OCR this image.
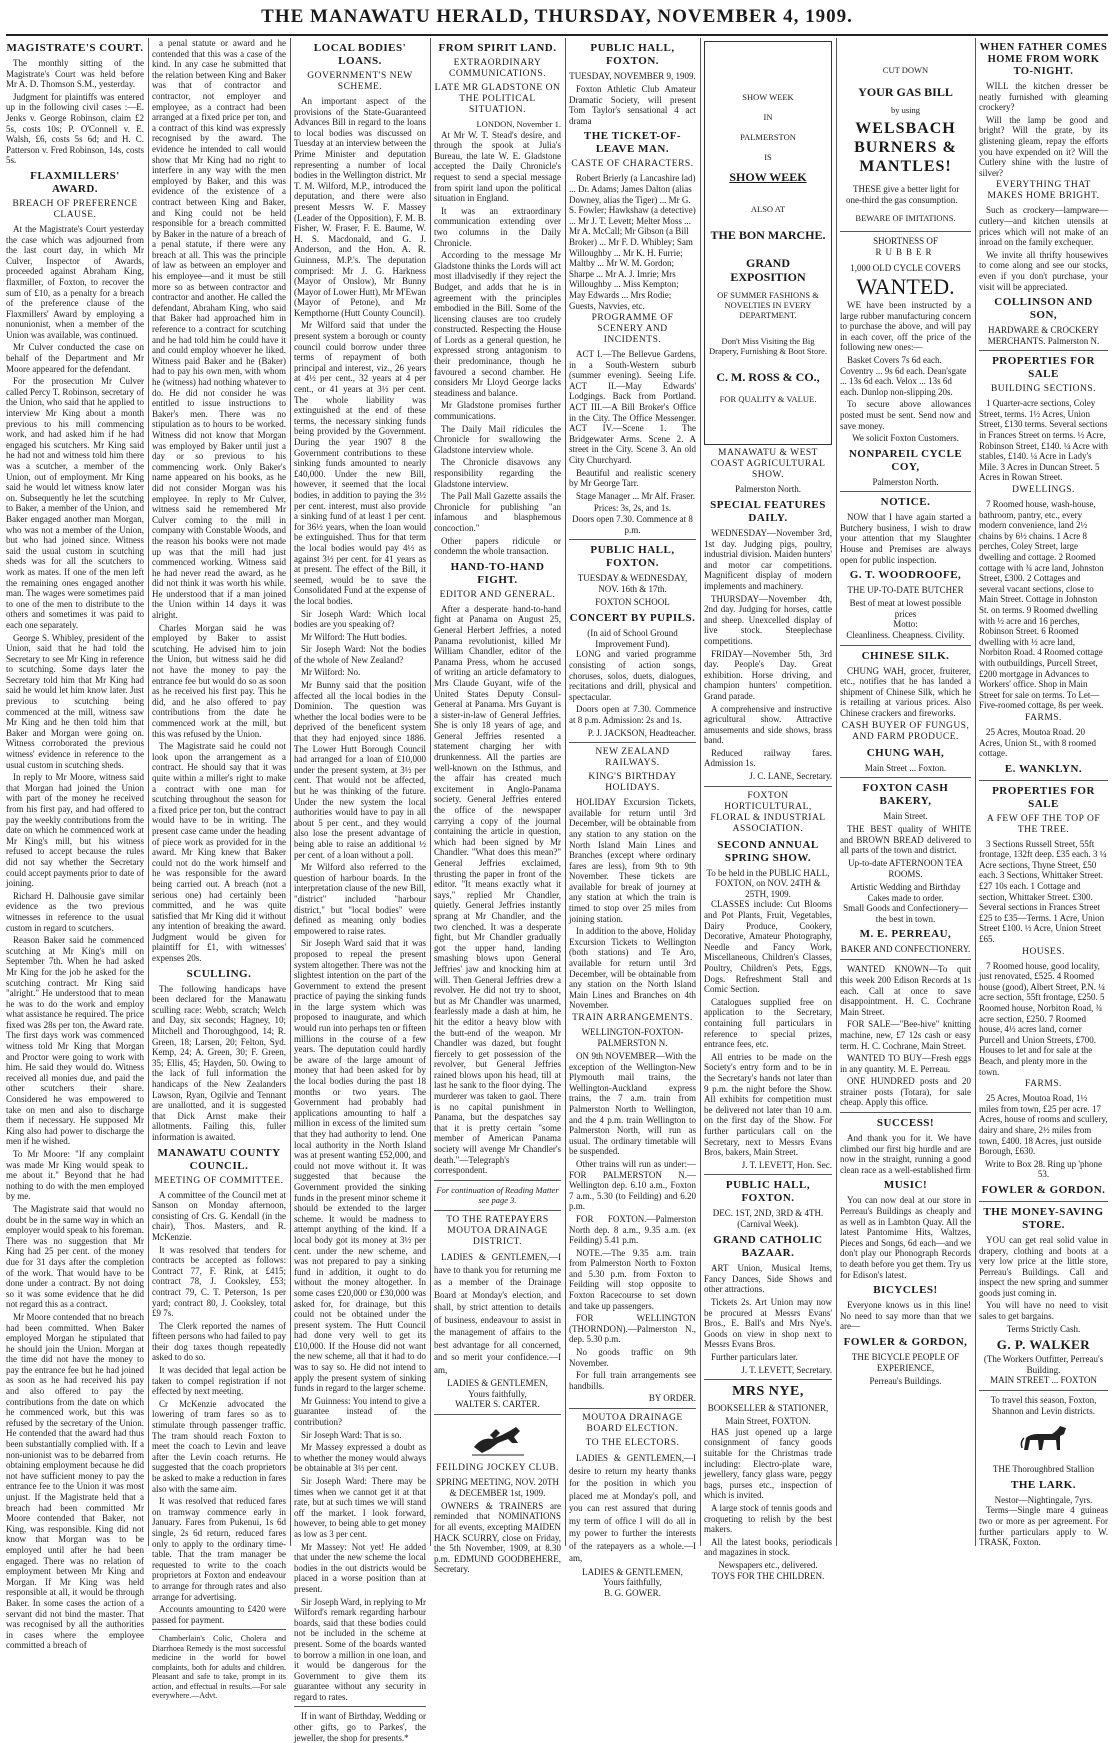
THE MANAWATU HERALD, THURSDAY, NOVEMBER 4, 1909.
MAGISTRATE'S COURT.

The monthly sitting of the Magistrate's Court was held before Mr A. D. Thomson S.M., yesterday.

Judgment for plaintiffs was entered up in the following civil cases :—E. Jenks v. George Robinson, claim £2 5s, costs 10s; P. O'Connell v. E. Walsh, £6, costs 5s 6d; and H. C. Patterson v. Fred Robinson, 14s, costs 5s.

FLAXMILLERS' AWARD.
BREACH OF PREFERENCE CLAUSE.

At the Magistrate's Court yesterday the case which was adjourned from the last court day, in which Mr Culver, Inspector of Awards, proceeded against Abraham King, flaxmiller, of Foxton, to recover the sum of £10, as a penalty for a breach of the preference clause of the Flaxmillers' Award by employing a nonunionist, when a member of the Union was available, was continued.

Mr Culver conducted the case on behalf of the Department and Mr Moore appeared for the defendant.

For the prosecution Mr Culver called Percy T. Robinson, secretary of the Union, who said that he applied to interview Mr King about a month previous to his mill commencing work, and had asked him if he had engaged his scutchers. Mr King said he had not and witness told him there was a scutcher, a member of the Union, out of employment. Mr King said he would let witness know later on. Subsequently he let the scutching to Baker, a member of the Union, and Baker engaged another man Morgan, who was not a member of the Union, but who had joined since. Witness said the usual custom in scutching sheds was for all the scutchers to work as mates. If one of the men left the remaining ones engaged another man. The wages were sometimes paid to one of the men to distribute to the others and sometimes it was paid to each one separately.

George S. Whibley, president of the Union, said that he had told the Secretary to see Mr King in reference to scutching. Some days later the Secretary told him that Mr King had said he would let him know later. Just previous to scutching being commenced at the mill, witness saw Mr King and he then told him that Baker and Morgan were going on. Witness corroborated the previous witness' evidence in reference to the usual custom in scutching sheds.

In reply to Mr Moore, witness said that Morgan had joined the Union with part of the money he received from his first pay, and had offered to pay the weekly contributions from the date on which he commenced work at Mr King's mill, but his witness refused to accept because the rules did not say whether the Secretary could accept payments prior to date of joining.

Richard H. Dalhousie gave similar evidence as the two previous witnesses in reference to the usual custom in regard to scutchers.

Reason Baker said he commenced scutching at Mr King's mill on September 7th. When he had asked Mr King for the job he asked for the scutching contract. Mr King said "alright." He understood that to mean he was to do the work and employ what assistance he required. The price fixed was 28s per ton, the Award rate. The first days work was commenced witness told Mr King that Morgan and Proctor were going to work with him. He said they would do. Witness received all monies due, and paid the other scutchers their share. Considered he was empowered to take on men and also to discharge them if necessary. He supposed Mr King also had power to discharge the men if he wished.

To Mr Moore: "If any complaint was made Mr King would speak to me about it." Beyond that he had nothing to do with the men employed by me.

The Magistrate said that would no doubt be in the same way in which an employer would speak to his foreman. There was no suggestion that Mr King had 25 per cent. of the money due for 31 days after the completion of the work. That would have to be done under a contract. By not doing so it was some evidence that he did not regard this as a contract.

Mr Moore contended that no breach had been committed. When Baker employed Morgan he stipulated that he should join the Union. Morgan at the time did not have the money to pay the entrance fee but he had joined as soon as he had received his pay and also offered to pay the contributions from the date on which he commenced work, but this was refused by the secretary of the Union. He contended that the award had thus been substantially complied with. If a non-unionist was to be debarred from obtaining employment because he did not have sufficient money to pay the entrance fee to the Union it was most unjust. If the Magistrate held that a breach had been committed Mr Moore contended that Baker, not King, was responsible. King did not know that Morgan was to be employed until after he had been engaged. There was no relation of employment between Mr King and Morgan. If Mr King was held responsible at all, it would be through Baker. In some cases the action of a servant did not bind the master. That was recognised by all the authorities in cases where the employee committed a breach of

a penal statute or award and he contended that this was a case of the kind. In any case he submitted that the relation between King and Baker was that of contractor and contractor, not employer and employee, as a contract had been arranged at a fixed price per ton, and a contract of this kind was expressly recognised by the award. The evidence he intended to call would show that Mr King had no right to interfere in any way with the men employed by Baker, and this was evidence of the existence of a contract between King and Baker, and King could not be held responsible for a breach committed by Baker in the nature of a breach of a penal statute, if there were any breach at all. This was the principle of law as between an employer and his employee—and it must be still more so as between contractor and contractor and another. He called the defendant, Abraham King, who said that Baker had approached him in reference to a contract for scutching and he had told him he could have it and could employ whoever he liked. Witness paid Baker and he (Baker) had to pay his own men, with whom he (witness) had nothing whatever to do. He did not consider he was entitled to issue instructions to Baker's men. There was no stipulation as to hours to be worked. Witness did not know that Morgan was employed by Baker until just a day or so previous to his commencing work. Only Baker's name appeared on his books, as he did not consider Morgan was his employee. In reply to Mr Culver, witness said he remembered Mr Culver coming to the mill in company with Constable Woods, and the reason his books were not made up was that the mill had just commenced working. Witness said he had never read the award, as he did not think it was worth his while. He understood that if a man joined the Union within 14 days it was alright.

Charles Morgan said he was employed by Baker to assist scutching. He advised him to join the Union, but witness said he did not have the money to pay the entrance fee but would do so as soon as he received his first pay. This he did, and he also offered to pay contributions from the date he commenced work at the mill, but this was refused by the Union.

The Magistrate said he could not look upon the arrangement as a contract. He should say that it was quite within a miller's right to make a contract with one man for scutching throughout the season for a fixed price per ton, but the contract would have to be in writing. The present case came under the heading of piece work as provided for in the award. Mr King knew that Baker could not do the work himself and he was responsible for the award being carried out. A breach (not a serious one) had certainly been committed, and he was quite satisfied that Mr King did it without any intention of breaking the award. Judgment would be given for plaintiff for £1, with witnesses' expenses 20s.

SCULLING.

The following handicaps have been declared for the Manawatu sculling race: Webb, scratch; Welch and Day, six seconds; Hagney, 10; Mitchell and Thoroughgood, 14; R. Green, 18; Larsen, 20; Felton, Syd. Kemp, 24; A. Green, 30; F. Green, 35; Ellis, 45; Hayden, 50. Owing to the lack of full information the handicaps of the New Zealanders Lawson, Ryan, Ogilvie and Tennant are unallotted, and it is suggested that Dick Arnst make their allotments. Failing this, fuller information is awaited.

MANAWATU COUNTY COUNCIL.
MEETING OF COMMITTEE.

A committee of the Council met at Sanson on Monday afternoon, consisting of Crs. G. Kendall (in the chair), Thos. Masters, and R. McKenzie.

It was resolved that tenders for contracts be accepted as follows: Contract 77, F. Rink, at £415; contract 78, J. Cooksley, £53; contract 79, C. T. Peterson, 1s per yard; contract 80, J. Cooksley, total £9 7s.

The Clerk reported the names of fifteen persons who had failed to pay their dog taxes though repeatedly asked to do so.

It was decided that legal action be taken to compel registration if not effected by next meeting.

Cr McKenzie advocated the lowering of tram fares so as to stimulate through passenger traffic. The tram should reach Foxton to meet the coach to Levin and leave after the Levin coach returns. He suggested that the coach proprietors be asked to make a reduction in fares also with the same aim.

It was resolved that reduced fares on tramway commence early in January. Fares from Pukenui, 1s 6d single, 2s 6d return, reduced fares only to apply to the ordinary time-table. That the tram manager be requested to write to the coach proprietors at Foxton and endeavour to arrange for through rates and also arrange for advertising.

Accounts amounting to £420 were passed for payment.

Chamberlain's Colic, Cholera and Diarrhoea Remedy is the most successful medicine in the world for bowel complaints, both for adults and children. Pleasant and safe to take, prompt in its action, and effectual in results.—For sale everywhere.—Advt.

LOCAL BODIES' LOANS.
GOVERNMENT'S NEW SCHEME.

An important aspect of the provisions of the State-Guaranteed Advances Bill in regard to the loans to local bodies was discussed on Tuesday at an interview between the Prime Minister and deputation representing a number of local bodies in the Wellington district. Mr T. M. Wilford, M.P., introduced the deputation, and there were also present Messrs W. F. Massey (Leader of the Opposition), F. M. B. Fisher, W. Fraser, F. E. Baume, W. H. S. Macdonald, and G. J. Anderson, and the Hon. A. R. Guinness, M.P.'s. The deputation comprised: Mr J. G. Harkness (Mayor of Onslow), Mr Bunny (Mayor of Lower Hutt), Mr M'Ewan (Mayor of Petone), and Mr Kempthorne (Hutt County Council).

Mr Wilford said that under the present system a borough or county council could borrow under three terms of repayment of both principal and interest, viz., 26 years at 4½ per cent., 32 years at 4 per cent., or 41 years at 3½ per cent. The whole liability was extinguished at the end of these terms, the necessary sinking funds being provided by the Government. During the year 1907 8 the Government contributions to these sinking funds amounted to nearly £40,000. Under the new Bill, however, it seemed that the local bodies, in addition to paying the 3½ per cent. interest, must also provide a sinking fund of at least 1 per cent. for 36½ years, when the loan would be extinguished. Thus for that term the local bodies would pay 4½ as against 3½ per cent. for 41 years as at present. The effect of the Bill, it seemed, would be to save the Consolidated Fund at the expense of the local bodies.

Sir Joseph Ward: Which local bodies are you speaking of?

Mr Wilford: The Hutt bodies.

Sir Joseph Ward: Not the bodies of the whole of New Zealand?

Mr Wilford: No.

Mr Bunny said that the position affected all the local bodies in the Dominion. The question was whether the local bodies were to be deprived of the beneficent system that they had enjoyed since 1886. The Lower Hutt Borough Council had arranged for a loan of £10,000 under the present system, at 3½ per cent. That would not be affected, but he was thinking of the future. Under the new system the local authorities would have to pay in all about 5 per cent., and they would also lose the present advantage of being able to raise an additional ½ per cent. of a loan without a poll.

Mr Wilford also referred to the question of harbour boards. In the interpretation clause of the new Bill, "district" included "harbour district," but "local bodies" were defined as meaning only bodies empowered to raise rates.

Sir Joseph Ward said that it was proposed to repeal the present system altogether. There was not the slightest intention on the part of the Government to extend the present practice of paying the sinking funds in the large system which was proposed to inaugurate, and which would run into perhaps ten or fifteen millions in the course of a few years. The deputation could hardly be aware of the large amount of money that had been asked for by the local bodies during the past 18 months or two years. The Government had probably had applications amounting to half a million in excess of the limited sum that they had authority to lend. One local authority in the North Island was at present wanting £52,000, and could not move without it. It was suggested that because the Government provided the sinking funds in the present minor scheme it should be extended to the larger scheme. It would be madness to attempt anything of the kind. If a local body got its money at 3½ per cent. under the new scheme, and was not prepared to pay a sinking fund in addition, it ought to do without the money altogether. In some cases £20,000 or £30,000 was asked for, for drainage, but this could not be obtained under the present system. The Hutt Council had done very well to get its £10,000. If the House did not want the new scheme, all that it had to do was to say so. He did not intend to apply the present system of sinking funds in regard to the larger scheme.

Mr Guinness: You intend to give a guarantee instead of the contribution?

Sir Joseph Ward: That is so.

Mr Massey expressed a doubt as to whether the money would always be obtainable at 3½ per cent.

Sir Joseph Ward: There may be times when we cannot get it at that rate, but at such times we will stand off the market. I look forward, however, to being able to get money as low as 3 per cent.

Mr Massey: Not yet! He added that under the new scheme the local bodies in the out districts would be placed in a worse position than at present.

Sir Joseph Ward, in replying to Mr Wilford's remark regarding harbour boards, said that these bodies could not be included in the scheme at present. Some of the boards wanted to borrow a million in one loan, and it would be dangerous for the Government to give them its guarantee without any security in regard to rates.

If in want of Birthday, Wedding or other gifts, go to Parkes', the jeweller, the shop for presents.*

FROM SPIRIT LAND.
EXTRAORDINARY COMMUNICATIONS.
LATE MR GLADSTONE ON THE POLITICAL SITUATION.
LONDON, November 1.

At Mr W. T. Stead's desire, and through the spook at Julia's Bureau, the late W. E. Gladstone accepted the Daily Chronicle's request to send a special message from spirit land upon the political situation in England.

It was an extraordinary communication extending over two columns in the Daily Chronicle.

According to the message Mr Gladstone thinks the Lords will act most illadvisedly if they reject the Budget, and adds that he is in agreement with the principles embodied in the Bill. Some of the licensing clauses are too crudely constructed. Respecting the House of Lords as a general question, he expressed strong antagonism to their predominance, though he favoured a second chamber. He considers Mr Lloyd George lacks steadiness and balance.

Mr Gladstone promises further communications.

The Daily Mail ridicules the Chronicle for swallowing the Gladstone interview whole.

The Chronicle disavows any responsibility regarding the Gladstone interview.

The Pall Mall Gazette assails the Chronicle for publishing "an infamous and blasphemous concoction."

Other papers ridicule or condemn the whole transaction.

HAND-TO-HAND FIGHT.
EDITOR AND GENERAL.

After a desperate hand-to-hand fight at Panama on August 25, General Herbert Jeffries, a noted Panama revolutionist, killed Mr William Chandler, editor of the Panama Press, whom he accused of writing an article defamatory to Mrs Claude Guyant, wife of the United States Deputy Consul-General at Panama. Mrs Guyant is a sister-in-law of General Jeffries. She is only 18 years of age, and General Jeffries resented a statement charging her with drunkenness. All the parties are well-known on the Isthmus, and the affair has created much excitement in Anglo-Panama society. General Jeffries entered the office of the newspaper carrying a copy of the journal containing the article in question, which had been signed by Mr Chandler. "What does this mean?" General Jeffries exclaimed, thrusting the paper in front of the editor. "It means exactly what it says," replied Mr Chandler, quietly. General Jeffries instantly sprang at Mr Chandler, and the two clenched. It was a desperate fight, but Mr Chandler gradually got the upper hand, landing smashing blows upon General Jeffries' jaw and knocking him at will. Then General Jeffries drew a revolver. He did not try to shoot, but as Mr Chandler was unarmed, fearlessly made a dash at him, he hit the editor a heavy blow with the butt-end of the weapon. Mr Chandler was dazed, but fought fiercely to get possession of the revolver, but General Jeffries rained blows upon his head, till at last he sank to the floor dying. The murderer was taken to gaol. There is no capital punishment in Panama, but the despatches say that it is pretty certain "some member of American Panama society will avenge Mr Chandler's death."—Telegraph's correspondent.

For continuation of Reading Matter see page 3.
TO THE RATEPAYERS MOUTOA DRAINAGE DISTRICT.

LADIES & GENTLEMEN,—I have to thank you for returning me as a member of the Drainage Board at Monday's election, and shall, by strict attention to details of business, endeavour to assist in the management of affairs to the best advantage for all concerned, and so merit your confidence.—I am,

LADIES & GENTLEMEN,
Yours faithfully,
WALTER S. CARTER.
FEILDING JOCKEY CLUB.
SPRING MEETING, NOV. 20TH & DECEMBER 1st, 1909.

OWNERS & TRAINERS are reminded that NOMINATIONS for all events, excepting MAIDEN HACK SCURRY, close on Friday, the 5th November, 1909, at 8.30 p.m. EDMUND GOODBEHERE, Secretary.

PUBLIC HALL, FOXTON.
TUESDAY, NOVEMBER 9, 1909.

Foxton Athletic Club Amateur Dramatic Society, will present Tom Taylor's sensational 4 act drama

THE TICKET-OF-LEAVE MAN.
CASTE OF CHARACTERS.

Robert Brierly (a Lancashire lad) ... Dr. Adams; James Dalton (alias Downey, alias the Tiger) ... Mr G. S. Fowler; Hawkshaw (a detective) ... Mr J. T. Levett; Melter Moss ... Mr A. McCall; Mr Gibson (a Bill Broker) ... Mr F. D. Whibley; Sam Willoughby ... Mr K. H. Furrie; Maltby ... Mr W. M. Gordon; Sharpe ... Mr A. J. Imrie; Mrs Willoughby ... Miss Kempton; May Edwards ... Mrs Rodie; Guests, Navvies, etc.

PROGRAMME OF SCENERY AND INCIDENTS.

ACT I.—The Bellevue Gardens, in a South-Western suburb (summer evening). Seeing Life. ACT II.—May Edwards' Lodgings. Back from Portland. ACT III.—A Bill Broker's Office in the City. The Office Messenger. ACT IV.—Scene 1. The Bridgewater Arms. Scene 2. A street in the City. Scene 3. An old City Churchyard.

Beautiful and realistic scenery by Mr George Tarr.

Stage Manager ... Mr Alf. Fraser.

Prices: 3s, 2s, and 1s.
Doors open 7.30. Commence at 8 p.m.
PUBLIC HALL, FOXTON.
TUESDAY & WEDNESDAY, NOV. 16th & 17th.
FOXTON SCHOOL
CONCERT BY PUPILS.
(In aid of School Ground Improvement Fund).

LONG and varied programme consisting of action songs, choruses, solos, duets, dialogues, recitations and drill, physical and spectacular.

Doors open at 7.30. Commence at 8 p.m. Admission: 2s and 1s.

P. J. JACKSON, Headteacher.
NEW ZEALAND RAILWAYS.
KING'S BIRTHDAY HOLIDAYS.

HOLIDAY Excursion Tickets, available for return until 3rd December, will be obtainable from any station to any station on the North Island Main Lines and Branches (except where ordinary fares are less), from 9th to 9th November. These tickets are available for break of journey at any station at which the train is timed to stop over 25 miles from joining station.

In addition to the above, Holiday Excursion Tickets to Wellington (both stations) and Te Aro, available for return until 3rd December, will be obtainable from any station on the North Island Main Lines and Branches on 4th November.

TRAIN ARRANGEMENTS.
WELLINGTON-FOXTON-PALMERSTON N.

ON 9th NOVEMBER—With the exception of the Wellington-New Plymouth mail trains, the Wellington-Auckland express trains, the 7 a.m. train from Palmerston North to Wellington, and the 4 p.m. train Wellington to Palmerston North, will run as usual. The ordinary timetable will be suspended.

Other trains will run as under:—FOR PALMERSTON N.—Wellington dep. 6.10 a.m., Foxton 7 a.m., 5.30 (to Feilding) and 6.20 p.m.

FOR FOXTON.—Palmerston North dep. 8 a.m., 9.35 a.m. (ex Feilding) 5.41 p.m.

NOTE.—The 9.35 a.m. train from Palmerston North to Foxton and 5.30 p.m. from Foxton to Feilding will stop opposite to Foxton Racecourse to set down and take up passengers.

FOR WELLINGTON (THORNDON).—Palmerston N., dep. 5.30 p.m.

No goods traffic on 9th November.

For full train arrangements see handbills.

BY ORDER.
MOUTOA DRAINAGE BOARD ELECTION.
TO THE ELECTORS.

LADIES & GENTLEMEN,—I desire to return my hearty thanks for the position in which you placed me at Monday's poll, and you can rest assured that during my term of office I will do all in my power to further the interests of the ratepayers as a whole.—I am,

LADIES & GENTLEMEN,
Yours faithfully,
B. G. GOWER.
SHOW WEEK
IN
PALMERSTON
IS
SHOW WEEK
ALSO AT
THE BON MARCHE.
GRAND EXPOSITION
OF SUMMER FASHIONS & NOVELTIES IN EVERY DEPARTMENT.
Don't Miss Visiting the Big Drapery, Furnishing & Boot Store.
C. M. ROSS & CO.,
FOR QUALITY & VALUE.
MANAWATU & WEST COAST AGRICULTURAL SHOW.
Palmerston North.
SPECIAL FEATURES DAILY.

WEDNESDAY—November 3rd, 1st day. Judging pigs, poultry, industrial division. Maiden hunters' and motor car competitions. Magnificent display of modern implements and machinery.

THURSDAY—November 4th, 2nd day. Judging for horses, cattle and sheep. Unexcelled display of live stock. Steeplechase competitions.

FRIDAY—November 5th, 3rd day. People's Day. Great exhibition. Horse driving, and champion hunters' competition. Grand parade.

A comprehensive and instructive agricultural show. Attractive amusements and side shows, brass band.

Reduced railway fares. Admission 1s.

J. C. LANE, Secretary.
FOXTON HORTICULTURAL, FLORAL & INDUSTRIAL ASSOCIATION.
SECOND ANNUAL SPRING SHOW.
To be held in the PUBLIC HALL, FOXTON, on NOV. 24TH & 25TH, 1909.

CLASSES include: Cut Blooms and Pot Plants, Fruit, Vegetables, Dairy Produce, Cookery, Decorative, Amateur Photography, Needle and Fancy Work, Miscellaneous, Children's Classes, Poultry, Children's Pets, Eggs, Dogs. Refreshment Stall and Comic Section.

Catalogues supplied free on application to the Secretary, containing full particulars in reference to special prizes, entrance fees, etc.

All entries to be made on the Society's entry form and to be in the Secretary's hands not later than 9 p.m. the night before the Show. All exhibits for competition must be delivered not later than 10 a.m. on the first day of the Show. For further particulars call on the Secretary, next to Messrs Evans Bros, bakers, Main Street.

J. T. LEVETT, Hon. Sec.
PUBLIC HALL, FOXTON.
DEC. 1ST, 2ND, 3RD & 4TH. (Carnival Week).
GRAND CATHOLIC BAZAAR.

ART Union, Musical Items, Fancy Dances, Side Shows and other attractions.

Tickets 2s. Art Union may now be procured at Messrs Evans' Bros., E. Ball's and Mrs Nye's. Goods on view in shop next to Messrs Evans Bros.

Further particulars later.

J. T. LEVETT, Secretary.
MRS NYE,
BOOKSELLER & STATIONER,
Main Street, FOXTON.

HAS just opened up a large consignment of fancy goods suitable for the Christmas trade including: Electro-plate ware, jewellery, fancy glass ware, peggy bags, purses etc., inspection of which is invited.

A large stock of tennis goods and croqueting to relish by the best makers.

All the latest books, periodicals and magazines in stock.

Newspapers etc., delivered.
TOYS FOR THE CHILDREN.
CUT DOWN
YOUR GAS BILL
by using
WELSBACH BURNERS & MANTLES!

THESE give a better light for one-third the gas consumption.

BEWARE OF IMITATIONS.
SHORTNESS OF
RUBBER
1,000 OLD CYCLE COVERS
WANTED.

WE have been instructed by a large rubber manufacturing concern to purchase the above, and will pay in each cover, off the price of the following new ones:—

Basket Covers 7s 6d each. Coventry ... 9s 6d each. Dean'sgate ... 13s 6d each. Velox ... 13s 6d each. Dunlop non-slipping 20s.

To secure above allowances posted must be sent. Send now and save money.

We solicit Foxton Customers.
NONPAREIL CYCLE COY,
Palmerston North.
NOTICE.

NOW that I have again started a Butchery business, I wish to draw your attention that my Slaughter House and Premises are always open for public inspection.

G. T. WOODROOFE,
THE UP-TO-DATE BUTCHER
Best of meat at lowest possible prices
Motto:
Cleanliness. Cheapness. Civility.
CHINESE SILK.

CHUNG WAH, grocer, fruiterer, etc., notifies that he has landed a shipment of Chinese Silk, which he is retailing at various prices. Also Chinese crackers and fireworks.

CASH BUYER OF FUNGUS, AND FARM PRODUCE.
CHUNG WAH,
Main Street ... Foxton.
FOXTON CASH BAKERY,
Main Street.

THE BEST quality of WHITE and BROWN BREAD delivered to all parts of the town and district.

Up-to-date AFTERNOON TEA ROOMS.
Artistic Wedding and Birthday Cakes made to order.
Small Goods and Confectionery—the best in town.
M. E. PERREAU,
BAKER AND CONFECTIONERY.

WANTED KNOWN—To quit this week 200 Edison Records at 1s each. Call at once to save disappointment. H. C. Cochrane Main Street.

FOR SALE—"Bee-hive" knitting machine, new, £7 12s cash or easy term. H. C. Cochrane, Main Street.

WANTED TO BUY—Fresh eggs in any quantity. M. E. Perreau.

ONE HUNDRED posts and 20 strainer posts (Totara), for sale cheap. Apply this office.

SUCCESS!

And thank you for it. We have climbed our first big hurdle and are now in the straight, running a good clean race as a well-established firm

MUSIC!

You can now deal at our store in Perreau's Buildings as cheaply and as well as in Lambton Quay. All the latest Pantomime Hits, Waltzes, Pieces and Songs, 6d each—and we don't play our Phonograph Records to death before you get them. Try us for Edison's latest.

BICYCLES!

Everyone knows us in this line! No need to say more than that we are—

FOWLER & GORDON,
THE BICYCLE PEOPLE OF EXPERIENCE,
Perreau's Buildings.
WHEN FATHER COMES HOME FROM WORK TO-NIGHT.

WILL the kitchen dresser be neatly furnished with gleaming crockery?

Will the lamp be good and bright? Will the grate, by its glistening gleam, repay the efforts you have expended on it? Will the Cutlery shine with the lustre of silver?

EVERYTHING THAT MAKES HOME BRIGHT.

Such as crockery—lampware—cutlery—and kitchen utensils at prices which will not make of an inroad on the family exchequer.

We invite all thrifty housewives to come along and see our stocks, even if you don't purchase, your visit will be appreciated.

COLLINSON AND SON,
HARDWARE & CROCKERY MERCHANTS. Palmerston N.
PROPERTIES FOR SALE
BUILDING SECTIONS.

1 Quarter-acre sections, Coley Street, terms. 1½ Acres, Union Street, £130 terms. Several sections in Frances Street on terms. ½ Acre, Robinson Street, £140. ¼ Acre with stables, £140. ¼ Acre in Lady's Mile. 3 Acres in Duncan Street. 5 Acres in Rowan Street.

DWELLINGS.

7 Roomed house, wash-house, bathroom, pantry, etc., every modern convenience, land 2½ chains by 6½ chains. 1 Acre 8 perches, Coley Street, large dwelling and cottage. 2 Roomed cottage with ¾ acre land, Johnston Street, £300. 2 Cottages and several vacant sections, close to Main Street. Cottage in Johnston St. on terms. 9 Roomed dwelling with ½ acre and 16 perches, Robinson Street. 6 Roomed dwelling with ½ acre land, Norbiton Road. 4 Roomed cottage with outbuildings, Purcell Street, £200 mortgage in Advances to Workers' office. Shop in Main Street for sale on terms. To Let—Five-roomed cottage, 8s per week.

FARMS.

25 Acres, Moutoa Road. 20 Acres, Union St., with 8 roomed cottage.

E. WANKLYN.
PROPERTIES FOR SALE
A FEW OFF THE TOP OF THE TREE.

3 Sections Russell Street, 55ft frontage, 132ft deep. £35 each. 3 ¼ Acre sections, Thyne Street, £50 each. 3 Sections, Whittaker Street. £27 10s each. 1 Cottage and section, Whittaker Street. £300. Several sections in Frances Street £25 to £35—Terms. 1 Acre, Union Street £100. ½ Acre, Union Street £65.

HOUSES.

7 Roomed house, good locality, just renovated, £525. 4 Roomed house (good), Albert Street, P.N. ¼ acre section, 55ft frontage, £250. 5 Roomed house, Norbiton Road, ¾ acre section, £250. 7 Roomed house, 4½ acres land, corner Purcell and Union Streets, £700. Houses to let and for sale at the Beach, and plenty more in the town.

FARMS.

25 Acres, Moutoa Road, 1½ miles from town, £25 per acre. 17 Acres, house of rooms and scullery, dairy and share, 2½ miles from town, £400. 18 Acres, just outside Borough, £630.

Write to Box 28. Ring up 'phone 53.
FOWLER & GORDON.
THE MONEY-SAVING STORE.

YOU can get real solid value in drapery, clothing and boots at a very low price at the little store, Perreau's Buildings. Call and inspect the new spring and summer goods just coming in.

You will have no need to visit sales to get bargains.

Terms Strictly Cash.
G. P. WALKER
(The Workers Outfitter, Perreau's Building.
MAIN STREET ... FOXTON
To travel this season, Foxton, Shannon and Levin districts.
THE Thoroughbred Stallion
THE LARK.
Nestor—Nightingale, 7yrs.

Terms—Single mare 4 guineas two or more as per agreement. For further particulars apply to W. TRASK, Foxton.
